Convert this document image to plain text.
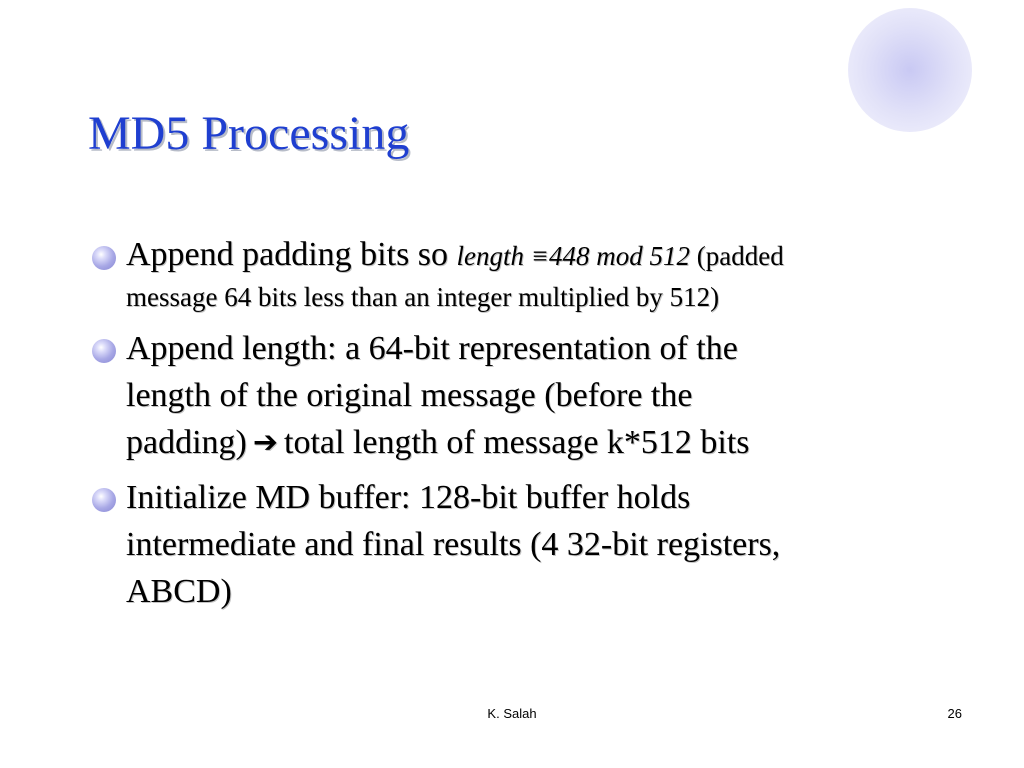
MD5 Processing
Append padding bits so length ≡448 mod 512 (padded
message 64 bits less than an integer multiplied by 512)
Append length: a 64-bit representation of the
length of the original message (before the
padding) ➔ total length of message k*512 bits
Initialize MD buffer: 128-bit buffer holds
intermediate and final results (4 32-bit registers,
ABCD)
K. Salah	26
